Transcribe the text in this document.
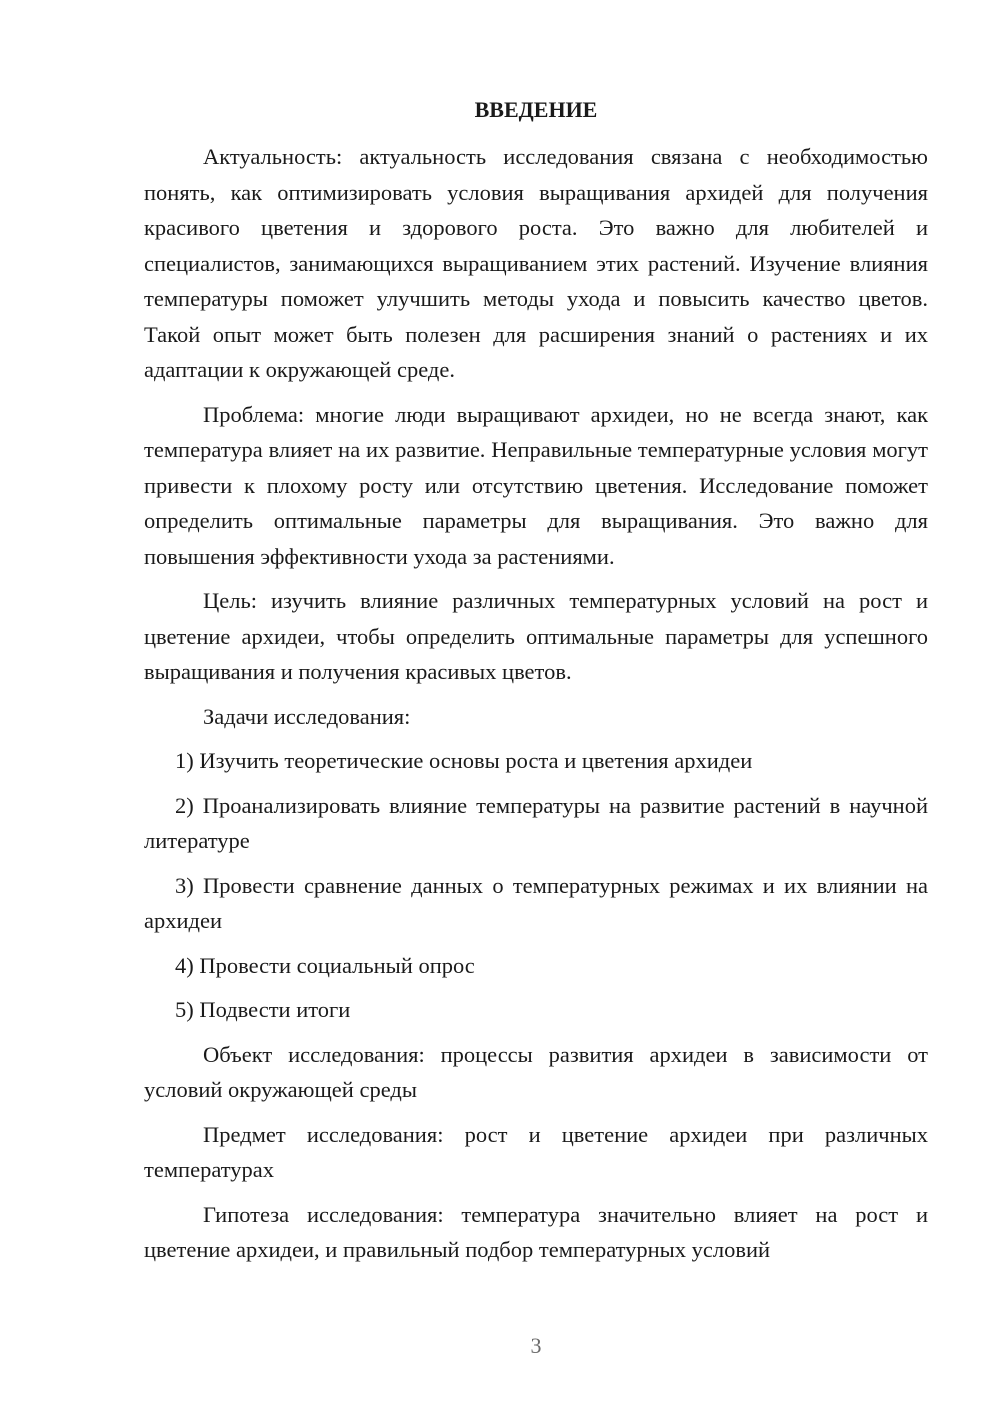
ВВЕДЕНИЕ

Актуальность: актуальность исследования связана с необходимостью понять, как оптимизировать условия выращивания архидей для получения красивого цветения и здорового роста. Это важно для любителей и специалистов, занимающихся выращиванием этих растений. Изучение влияния температуры поможет улучшить методы ухода и повысить качество цветов. Такой опыт может быть полезен для расширения знаний о растениях и их адаптации к окружающей среде.

Проблема: многие люди выращивают архидеи, но не всегда знают, как температура влияет на их развитие. Неправильные температурные условия могут привести к плохому росту или отсутствию цветения. Исследование поможет определить оптимальные параметры для выращивания. Это важно для повышения эффективности ухода за растениями.

Цель: изучить влияние различных температурных условий на рост и цветение архидеи, чтобы определить оптимальные параметры для успешного выращивания и получения красивых цветов.

Задачи исследования:

1) Изучить теоретические основы роста и цветения архидеи

2) Проанализировать влияние температуры на развитие растений в научной литературе

3) Провести сравнение данных о температурных режимах и их влиянии на архидеи

4) Провести социальный опрос

5) Подвести итоги

Объект исследования: процессы развития архидеи в зависимости от условий окружающей среды

Предмет исследования: рост и цветение архидеи при различных температурах

Гипотеза исследования: температура значительно влияет на рост и цветение архидеи, и правильный подбор температурных условий

3
